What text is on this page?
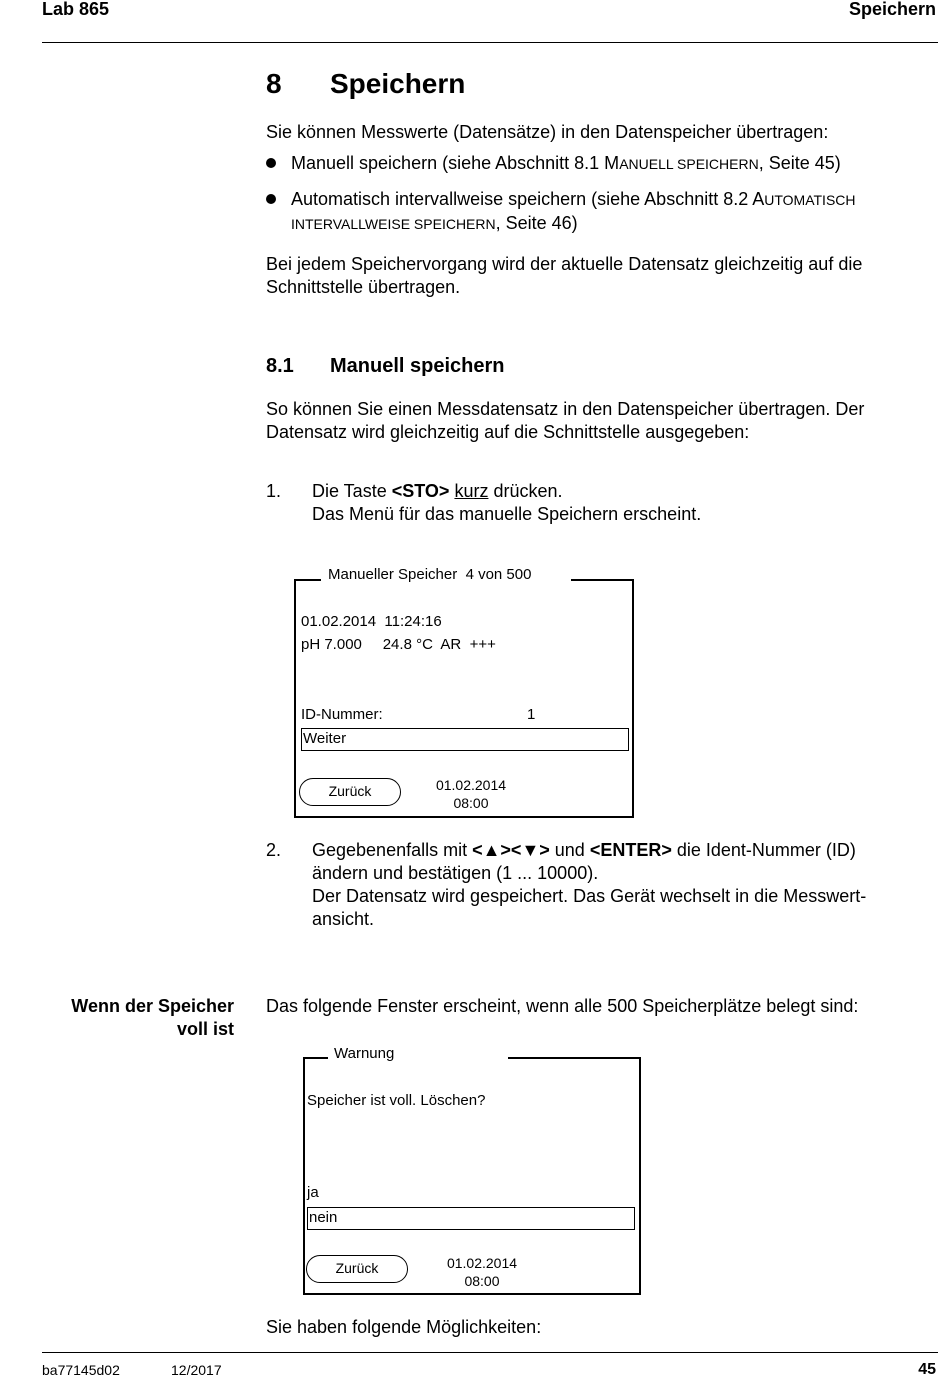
Lab 865	Speichern
8 Speichern
Sie können Messwerte (Datensätze) in den Datenspeicher übertragen:
Manuell speichern (siehe Abschnitt 8.1 MANUELL SPEICHERN, Seite 45)
Automatisch intervallweise speichern (siehe Abschnitt 8.2 AUTOMATISCH
INTERVALLWEISE SPEICHERN, Seite 46)
Bei jedem Speichervorgang wird der aktuelle Datensatz gleichzeitig auf die
Schnittstelle übertragen.
8.1 Manuell speichern
So können Sie einen Messdatensatz in den Datenspeicher übertragen. Der
Datensatz wird gleichzeitig auf die Schnittstelle ausgegeben:
1. Die Taste <STO> kurz drücken.
Das Menü für das manuelle Speichern erscheint.
Manueller Speicher  4 von 500
01.02.2014  11:24:16
pH 7.000     24.8 °C  AR  +++
ID-Nummer:	1
Weiter
Zurück	01.02.2014
08:00
2. Gegebenenfalls mit <▲><▼> und <ENTER> die Ident-Nummer (ID)
ändern und bestätigen (1 ... 10000).
Der Datensatz wird gespeichert. Das Gerät wechselt in die Messwert-
ansicht.
Wenn der Speicher
voll ist
Das folgende Fenster erscheint, wenn alle 500 Speicherplätze belegt sind:
Warnung
Speicher ist voll. Löschen?
ja
nein
Zurück	01.02.2014
08:00
Sie haben folgende Möglichkeiten:
ba77145d02	12/2017	45
